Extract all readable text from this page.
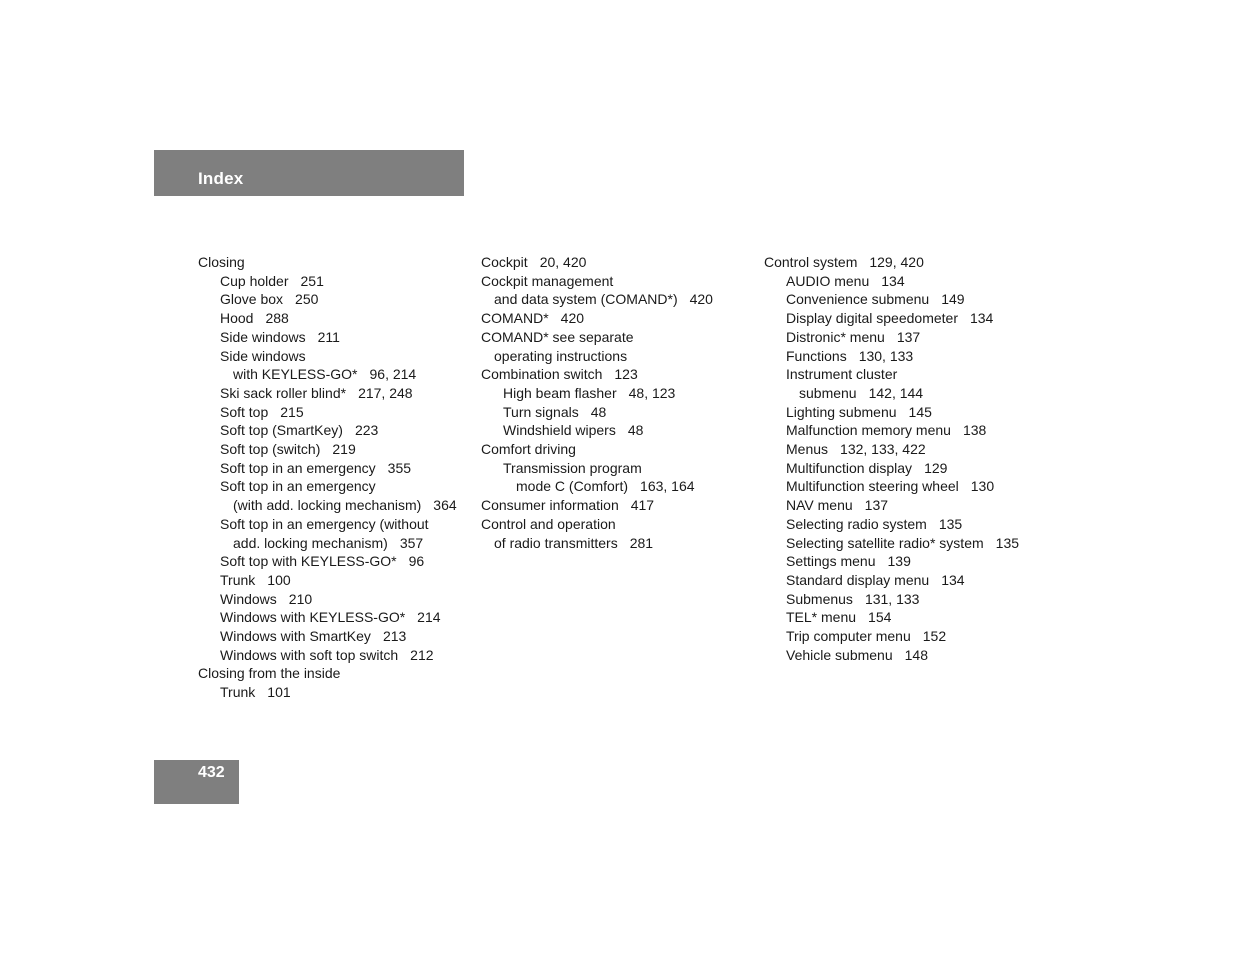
Index
Closing
Cup holder 251
Glove box 250
Hood 288
Side windows 211
Side windows
with KEYLESS-GO* 96, 214
Ski sack roller blind* 217, 248
Soft top 215
Soft top (SmartKey) 223
Soft top (switch) 219
Soft top in an emergency 355
Soft top in an emergency
(with add. locking mechanism) 364
Soft top in an emergency (without
add. locking mechanism) 357
Soft top with KEYLESS-GO* 96
Trunk 100
Windows 210
Windows with KEYLESS-GO* 214
Windows with SmartKey 213
Windows with soft top switch 212
Closing from the inside
Trunk 101
Cockpit 20, 420
Cockpit management
and data system (COMAND*) 420
COMAND* 420
COMAND* see separate
operating instructions
Combination switch 123
High beam flasher 48, 123
Turn signals 48
Windshield wipers 48
Comfort driving
Transmission program
mode C (Comfort) 163, 164
Consumer information 417
Control and operation
of radio transmitters 281
Control system 129, 420
AUDIO menu 134
Convenience submenu 149
Display digital speedometer 134
Distronic* menu 137
Functions 130, 133
Instrument cluster
submenu 142, 144
Lighting submenu 145
Malfunction memory menu 138
Menus 132, 133, 422
Multifunction display 129
Multifunction steering wheel 130
NAV menu 137
Selecting radio system 135
Selecting satellite radio* system 135
Settings menu 139
Standard display menu 134
Submenus 131, 133
TEL* menu 154
Trip computer menu 152
Vehicle submenu 148
432
